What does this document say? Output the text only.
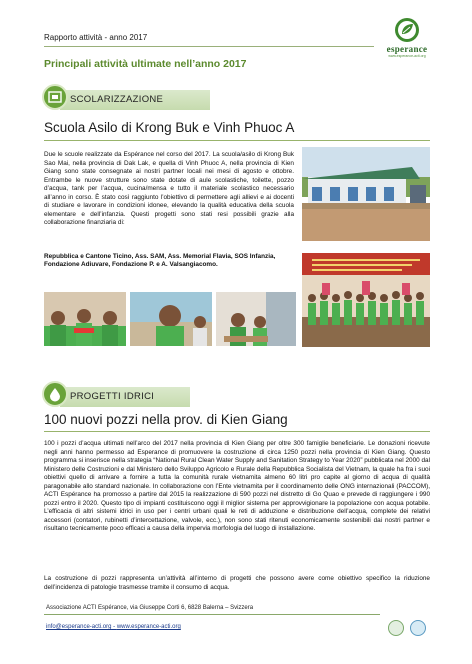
Rapporto attività - anno 2017
esperance
www.esperance-acti.org
Principali attività ultimate nell’anno 2017
SCOLARIZZAZIONE
Scuola Asilo di Krong Buk e Vinh Phuoc A
Due le scuole realizzate da Espérance nel corso del 2017. La scuola/asilo di Krong Buk Sao Mai, nella provincia di Dak Lak, e quella di Vinh Phuoc A, nella provincia di Kien Giang sono state consegnate ai nostri partner locali nei mesi di agosto e ottobre. Entrambe le nuove strutture sono state dotate di aule scolastiche, toilette, pozzo d’acqua, tank per l’acqua, cucina/mensa e tutto il materiale scolastico necessario all’anno in corso. È stato così raggiunto l’obiettivo di permettere agli allievi e ai docenti di studiare e lavorare in condizioni idonee, elevando la qualità educativa della scuola elementare e dell’infanzia. Questi progetti sono stati resi possibili grazie alla collaborazione finanziaria di:
Repubblica e Cantone Ticino, Ass. SAM, Ass. Memorial Flavia, SOS Infanzia, Fondazione Adiuvare, Fondazione P. e A. Valsangiacomo.
PROGETTI IDRICI
100 nuovi pozzi nella prov. di Kien Giang
100 i pozzi d’acqua ultimati nell’arco del 2017 nella provincia di Kien Giang per oltre 300 famiglie beneficiarie. Le donazioni ricevute negli anni hanno permesso ad Esperance di promuovere la costruzione di circa 1250 pozzi nella provincia di Kien Giang. Questo programma si inserisce nella strategia “National Rural Clean Water Supply and Sanitation Strategy to Year 2020” pubblicata nel 2000 dal Ministero delle Costruzioni e dal Ministero dello Sviluppo Agricolo e Rurale della Repubblica Socialista del Vietnam, la quale ha fra i suoi obiettivi quello di arrivare a fornire a tutta la comunità rurale vietnamita almeno 60 litri pro capite al giorno di acqua di qualità paragonabile allo standard nazionale. In collaborazione con l’Ente vietnamita per il coordinamento delle ONG internazionali (PACCOM), ACTI Espérance ha promosso a partire dal 2015 la realizzazione di 590 pozzi nel distretto di Go Quao e prevede di raggiungere i 990 pozzi entro il 2020. Questo tipo di impianti costituiscono oggi il miglior sistema per approvvigionare la popolazione con acqua potabile. L’efficacia di altri sistemi idrici in uso per i centri urbani quali le reti di adduzione e distribuzione dell’acqua, complete dei relativi accessori (contatori, rubinetti d’intercettazione, valvole, ecc.), non sono stati ritenuti economicamente sostenibili dai nostri partner e risultano tecnicamente poco efficaci a causa della impervia morfologia del luogo di installazione.
La costruzione di pozzi rappresenta un’attività all’interno di progetti che possono avere come obiettivo specifico la riduzione dell’incidenza di patologie trasmesse tramite il consumo di acqua.
Associazione ACTI Espérance, via Giuseppe Corti 6, 6828 Balerna – Svizzera
info@esperance-acti.org - www.esperance-acti.org
